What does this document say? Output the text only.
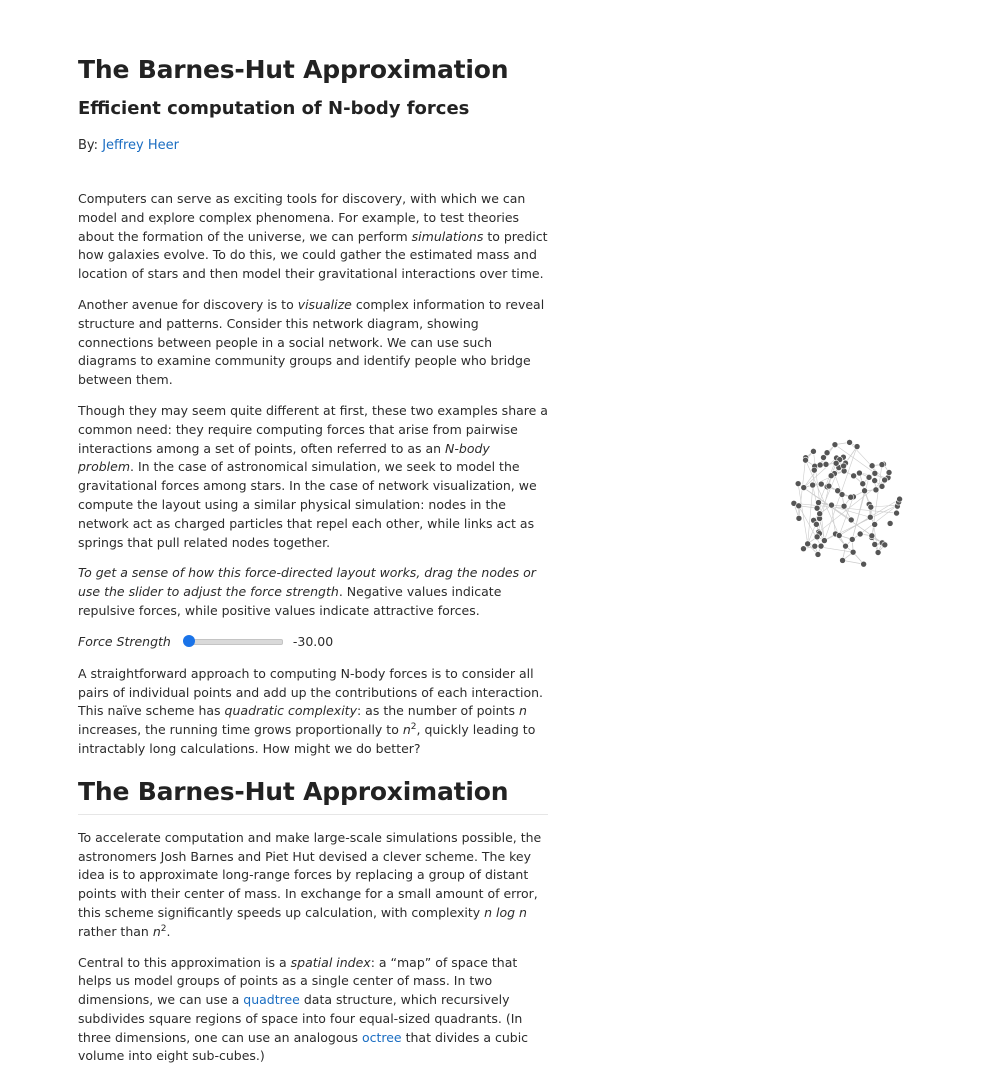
The Barnes-Hut Approximation
Efficient computation of N-body forces
By: Jeffrey Heer

Computers can serve as exciting tools for discovery, with which we can model and explore complex phenomena. For example, to test theories about the formation of the universe, we can perform simulations to predict how galaxies evolve. To do this, we could gather the estimated mass and location of stars and then model their gravitational interactions over time.

Another avenue for discovery is to visualize complex information to reveal structure and patterns. Consider this network diagram, showing connections between people in a social network. We can use such diagrams to examine community groups and identify people who bridge between them.

Though they may seem quite different at first, these two examples share a common need: they require computing forces that arise from pairwise interactions among a set of points, often referred to as an N-body problem. In the case of astronomical simulation, we seek to model the gravitational forces among stars. In the case of network visualization, we compute the layout using a similar physical simulation: nodes in the network act as charged particles that repel each other, while links act as springs that pull related nodes together.

To get a sense of how this force-directed layout works, drag the nodes or use the slider to adjust the force strength. Negative values indicate repulsive forces, while positive values indicate attractive forces.

Force Strength	-30.00

A straightforward approach to computing N-body forces is to consider all pairs of individual points and add up the contributions of each interaction. This naïve scheme has quadratic complexity: as the number of points n increases, the running time grows proportionally to $n^2$, quickly leading to intractably long calculations. How might we do better?

The Barnes-Hut Approximation

To accelerate computation and make large-scale simulations possible, the astronomers Josh Barnes and Piet Hut devised a clever scheme. The key idea is to approximate long-range forces by replacing a group of distant points with their center of mass. In exchange for a small amount of error, this scheme significantly speeds up calculation, with complexity n log n rather than $n^2$.

Central to this approximation is a spatial index: a “map” of space that helps us model groups of points as a single center of mass. In two dimensions, we can use a quadtree data structure, which recursively subdivides square regions of space into four equal-sized quadrants. (In three dimensions, one can use an analogous octree that divides a cubic volume into eight sub-cubes.)
